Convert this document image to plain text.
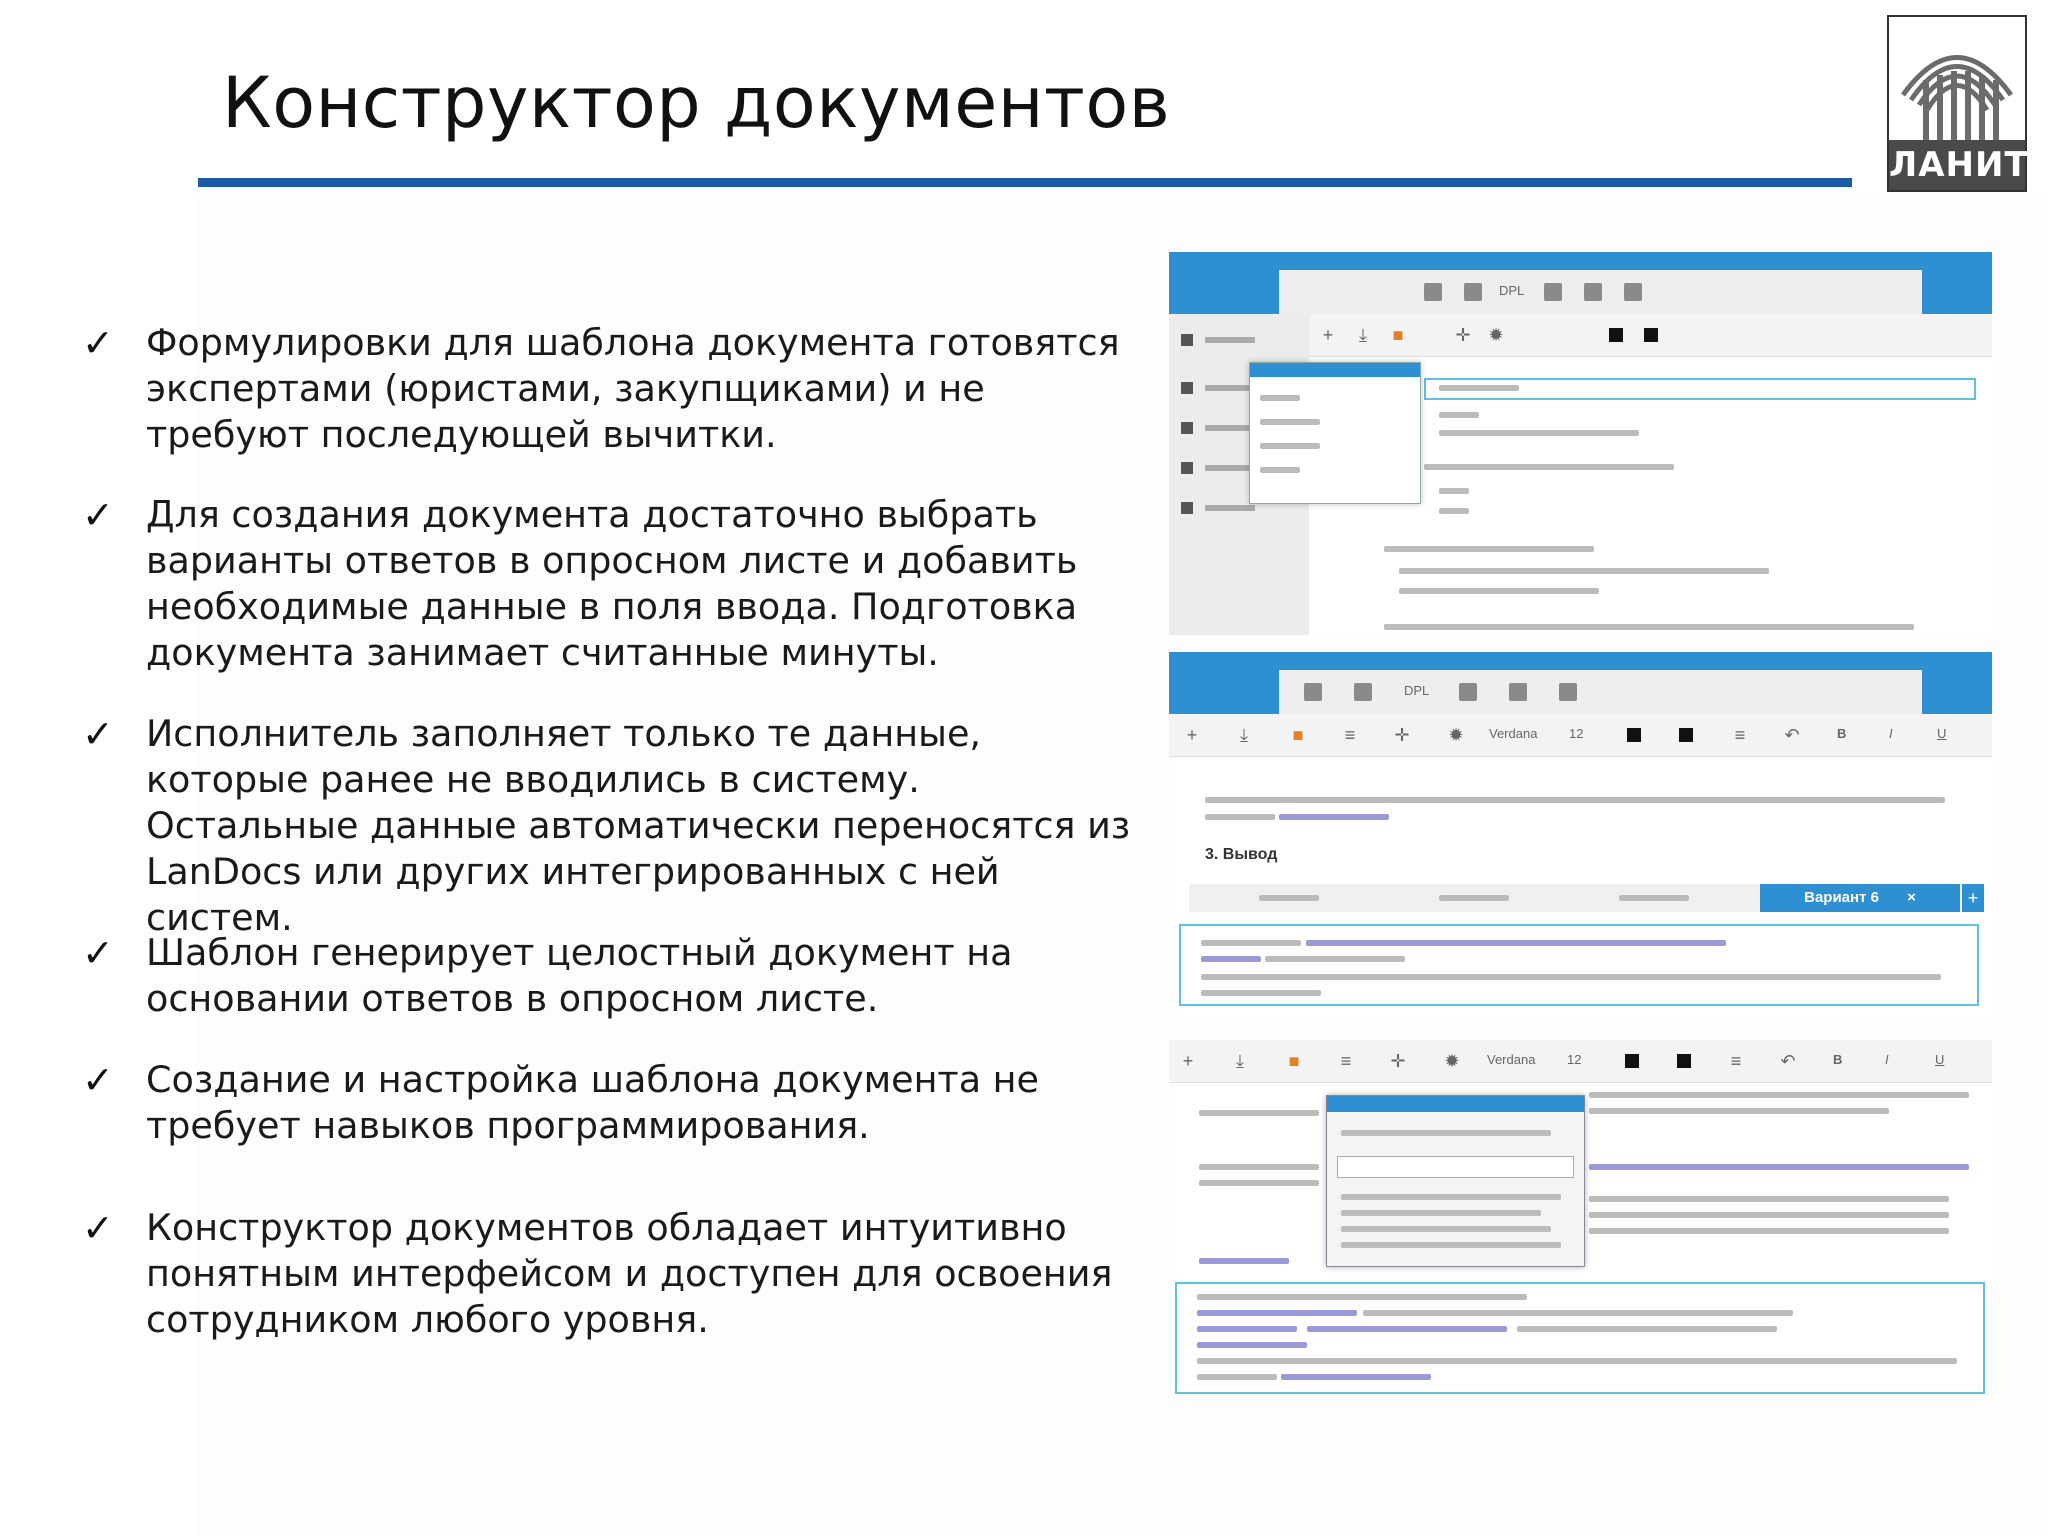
Конструктор документов
ЛАНИТ
✓ Формулировки для шаблона документа готовятся экспертами (юристами, закупщиками) и не требуют последующей вычитки.
✓ Для создания документа достаточно выбрать варианты ответов в опросном листе и добавить необходимые данные в поля ввода. Подготовка документа занимает считанные минуты.
✓ Исполнитель заполняет только те данные, которые ранее не вводились в систему. Остальные данные автоматически переносятся из LanDocs или других интегрированных с ней систем.
✓ Шаблон генерирует целостный документ на основании ответов в опросном листе.
✓ Создание и настройка шаблона документа не требует навыков программирования.
✓ Конструктор документов обладает интуитивно понятным интерфейсом и доступен для освоения сотрудником любого уровня.
DPL
+ ⤓ ■	✛ ✹
DPL
+ ⤓ ■ ≡ ✛ ✹ Verdana 12	≡ ↶	B	I	U
3. Вывод
Вариант 6 ×	+
+ ⤓ ■ ≡ ✛ ✹ Verdana 12	≡ ↶	B	I	U
